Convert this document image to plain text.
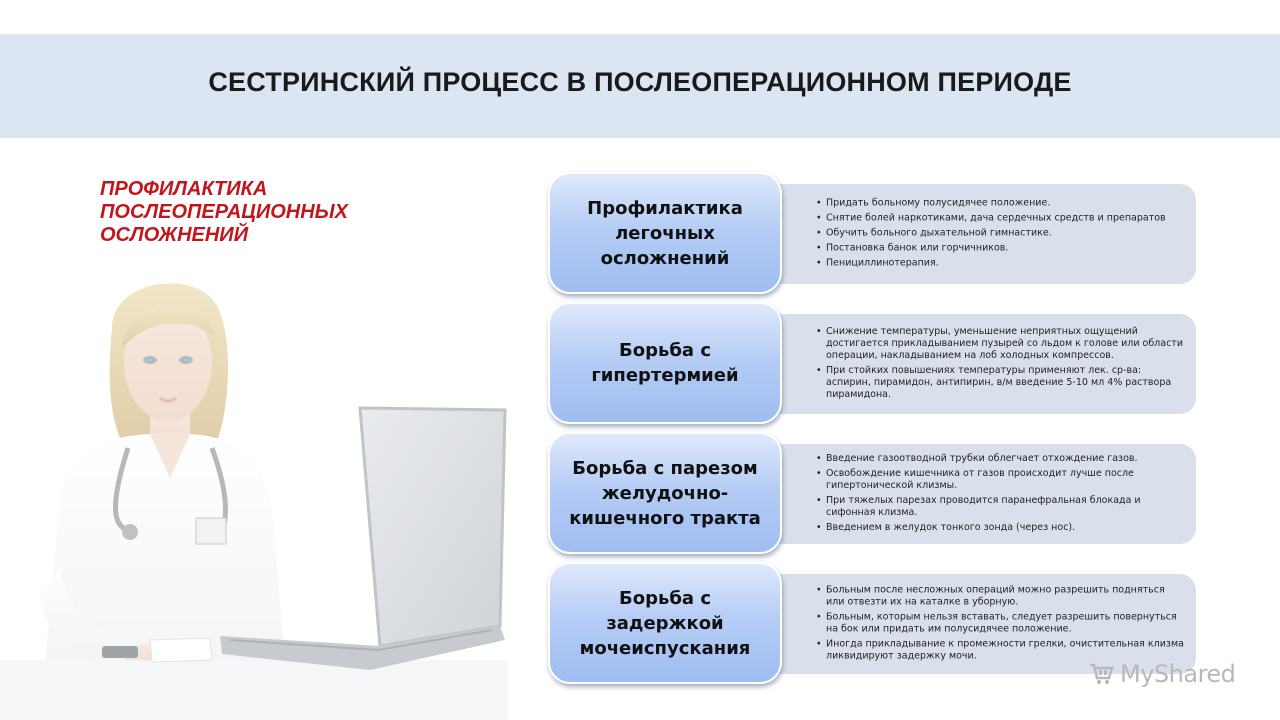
СЕСТРИНСКИЙ ПРОЦЕСС В ПОСЛЕОПЕРАЦИОННОМ ПЕРИОДЕ
ПРОФИЛАКТИКА ПОСЛЕОПЕРАЦИОННЫХ ОСЛОЖНЕНИЙ
• Придать больному полусидячее положение.
• Снятие болей наркотиками, дача сердечных средств и препаратов
• Обучить больного дыхательной гимнастике.
• Постановка банок или горчичников.
• Пенициллинотерапия.
Профилактика
легочных
осложнений
• Снижение температуры, уменьшение неприятных ощущений достигается прикладыванием пузырей со льдом к голове или области операции, накладыванием на лоб холодных компрессов.
• При стойких повышениях температуры применяют лек. ср-ва: аспирин, пирамидон, антипирин, в/м введение 5-10 мл 4% раствора пирамидона.
Борьба с
гипертермией
• Введение газоотводной трубки облегчает отхождение газов.
• Освобождение кишечника от газов происходит лучше после гипертонической клизмы.
• При тяжелых парезах проводится паранефральная блокада и сифонная клизма.
• Введением в желудок тонкого зонда (через нос).
Борьба с парезом
желудочно-
кишечного тракта
• Больным после несложных операций можно разрешить подняться или отвезти их на каталке в уборную.
• Больным, которым нельзя вставать, следует разрешить повернуться на бок или придать им полусидячее положение.
• Иногда прикладывание к промежности грелки, очистительная клизма ликвидируют задержку мочи.
Борьба с
задержкой
мочеиспускания
MyShared
